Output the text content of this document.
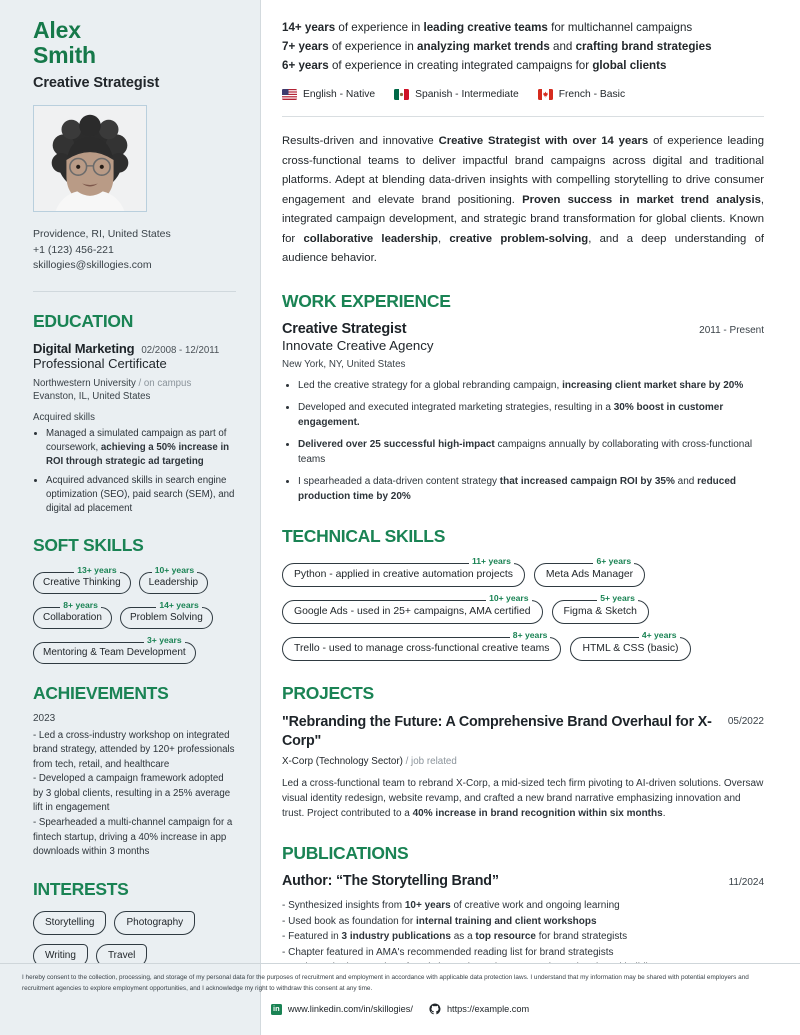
Alex
Smith
Creative Strategist
Providence, RI, United States
+1 (123) 456-221
skillogies@skillogies.com
EDUCATION
Digital Marketing 02/2008 - 12/2011
Professional Certificate
Northwestern University / on campus
Evanston, IL, United States
Acquired skills
• Managed a simulated campaign as part of coursework, achieving a 50% increase in ROI through strategic ad targeting
• Acquired advanced skills in search engine optimization (SEO), paid search (SEM), and digital ad placement
SOFT SKILLS
13+ years
Creative Thinking
10+ years
Leadership
8+ years
Collaboration
14+ years
Problem Solving
3+ years
Mentoring & Team Development
ACHIEVEMENTS
2023
- Led a cross-industry workshop on integrated brand strategy, attended by 120+ professionals from tech, retail, and healthcare
- Developed a campaign framework adopted by 3 global clients, resulting in a 25% average lift in engagement
- Spearheaded a multi-channel campaign for a fintech startup, driving a 40% increase in app downloads within 3 months
INTERESTS
Storytelling	Photography
Writing	Travel
14+ years of experience in leading creative teams for multichannel campaigns
7+ years of experience in analyzing market trends and crafting brand strategies
6+ years of experience in creating integrated campaigns for global clients
English - Native	Spanish - Intermediate	French - Basic

Results-driven and innovative Creative Strategist with over 14 years of experience leading cross-functional teams to deliver impactful brand campaigns across digital and traditional platforms. Adept at blending data-driven insights with compelling storytelling to drive consumer engagement and elevate brand positioning. Proven success in market trend analysis, integrated campaign development, and strategic brand transformation for global clients. Known for collaborative leadership, creative problem-solving, and a deep understanding of audience behavior.

WORK EXPERIENCE
Creative Strategist	2011 - Present
Innovate Creative Agency
New York, NY, United States
• Led the creative strategy for a global rebranding campaign, increasing client market share by 20%
• Developed and executed integrated marketing strategies, resulting in a 30% boost in customer engagement.
• Delivered over 25 successful high-impact campaigns annually by collaborating with cross-functional teams
• I spearheaded a data-driven content strategy that increased campaign ROI by 35% and reduced production time by 20%
TECHNICAL SKILLS
11+ years
Python - applied in creative automation projects
6+ years
Meta Ads Manager
10+ years
Google Ads - used in 25+ campaigns, AMA certified
5+ years
Figma & Sketch
8+ years
Trello - used to manage cross-functional creative teams
4+ years
HTML & CSS (basic)
PROJECTS
"Rebranding the Future: A Comprehensive Brand Overhaul for X-Corp"
05/2022
X-Corp (Technology Sector) / job related
Led a cross-functional team to rebrand X-Corp, a mid-sized tech firm pivoting to AI-driven solutions. Oversaw visual identity redesign, website revamp, and crafted a new brand narrative emphasizing innovation and trust. Project contributed to a 40% increase in brand recognition within six months.
PUBLICATIONS
Author: “The Storytelling Brand”	11/2024
- Synthesized insights from 10+ years of creative work and ongoing learning
- Used book as foundation for internal training and client workshops
- Featured in 3 industry publications as a top resource for brand strategists
- Chapter featured in AMA's recommended reading list for brand strategists
I hereby consent to the collection, processing, and storage of my personal data for the purposes of recruitment and employment in accordance with applicable data protection laws. I understand that my information may be shared with potential employers and recruitment agencies to explore employment opportunities, and I acknowledge my right to withdraw this consent at any time.
in www.linkedin.com/in/skillogies/	https://example.com
